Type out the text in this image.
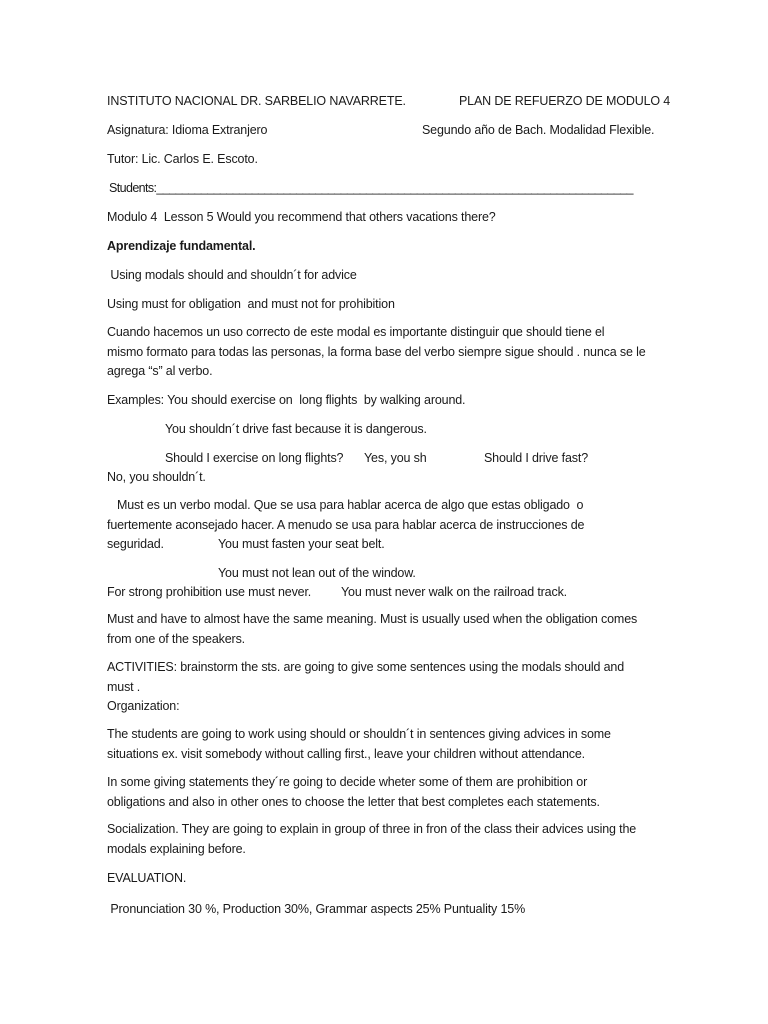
INSTITUTO NACIONAL DR. SARBELIO NAVARRETE.	PLAN DE REFUERZO DE MODULO 4
Asignatura: Idioma Extranjero	Segundo año de Bach. Modalidad Flexible.
Tutor: Lic. Carlos E. Escoto.
Students:___________________________________________________________________________
Modulo 4  Lesson 5 Would you recommend that others vacations there?
Aprendizaje fundamental.
Using modals should and shouldn´t for advice
Using must for obligation  and must not for prohibition
Cuando hacemos un uso correcto de este modal es importante distinguir que should tiene el
mismo formato para todas las personas, la forma base del verbo siempre sigue should . nunca se le
agrega “s” al verbo.
Examples: You should exercise on  long flights  by walking around.
You shouldn´t drive fast because it is dangerous.
Should I exercise on long flights? Yes, you sh	Should I drive fast?
No, you shouldn´t.
Must es un verbo modal. Que se usa para hablar acerca de algo que estas obligado  o
fuertemente aconsejado hacer. A menudo se usa para hablar acerca de instrucciones de
seguridad.	You must fasten your seat belt.
You must not lean out of the window.
For strong prohibition use must never. You must never walk on the railroad track.
Must and have to almost have the same meaning. Must is usually used when the obligation comes
from one of the speakers.
ACTIVITIES: brainstorm the sts. are going to give some sentences using the modals should and
must .
Organization:
The students are going to work using should or shouldn´t in sentences giving advices in some
situations ex. visit somebody without calling first., leave your children without attendance.
In some giving statements they´re going to decide wheter some of them are prohibition or
obligations and also in other ones to choose the letter that best completes each statements.
Socialization. They are going to explain in group of three in fron of the class their advices using the
modals explaining before.
EVALUATION.
Pronunciation 30 %, Production 30%, Grammar aspects 25% Puntuality 15%
